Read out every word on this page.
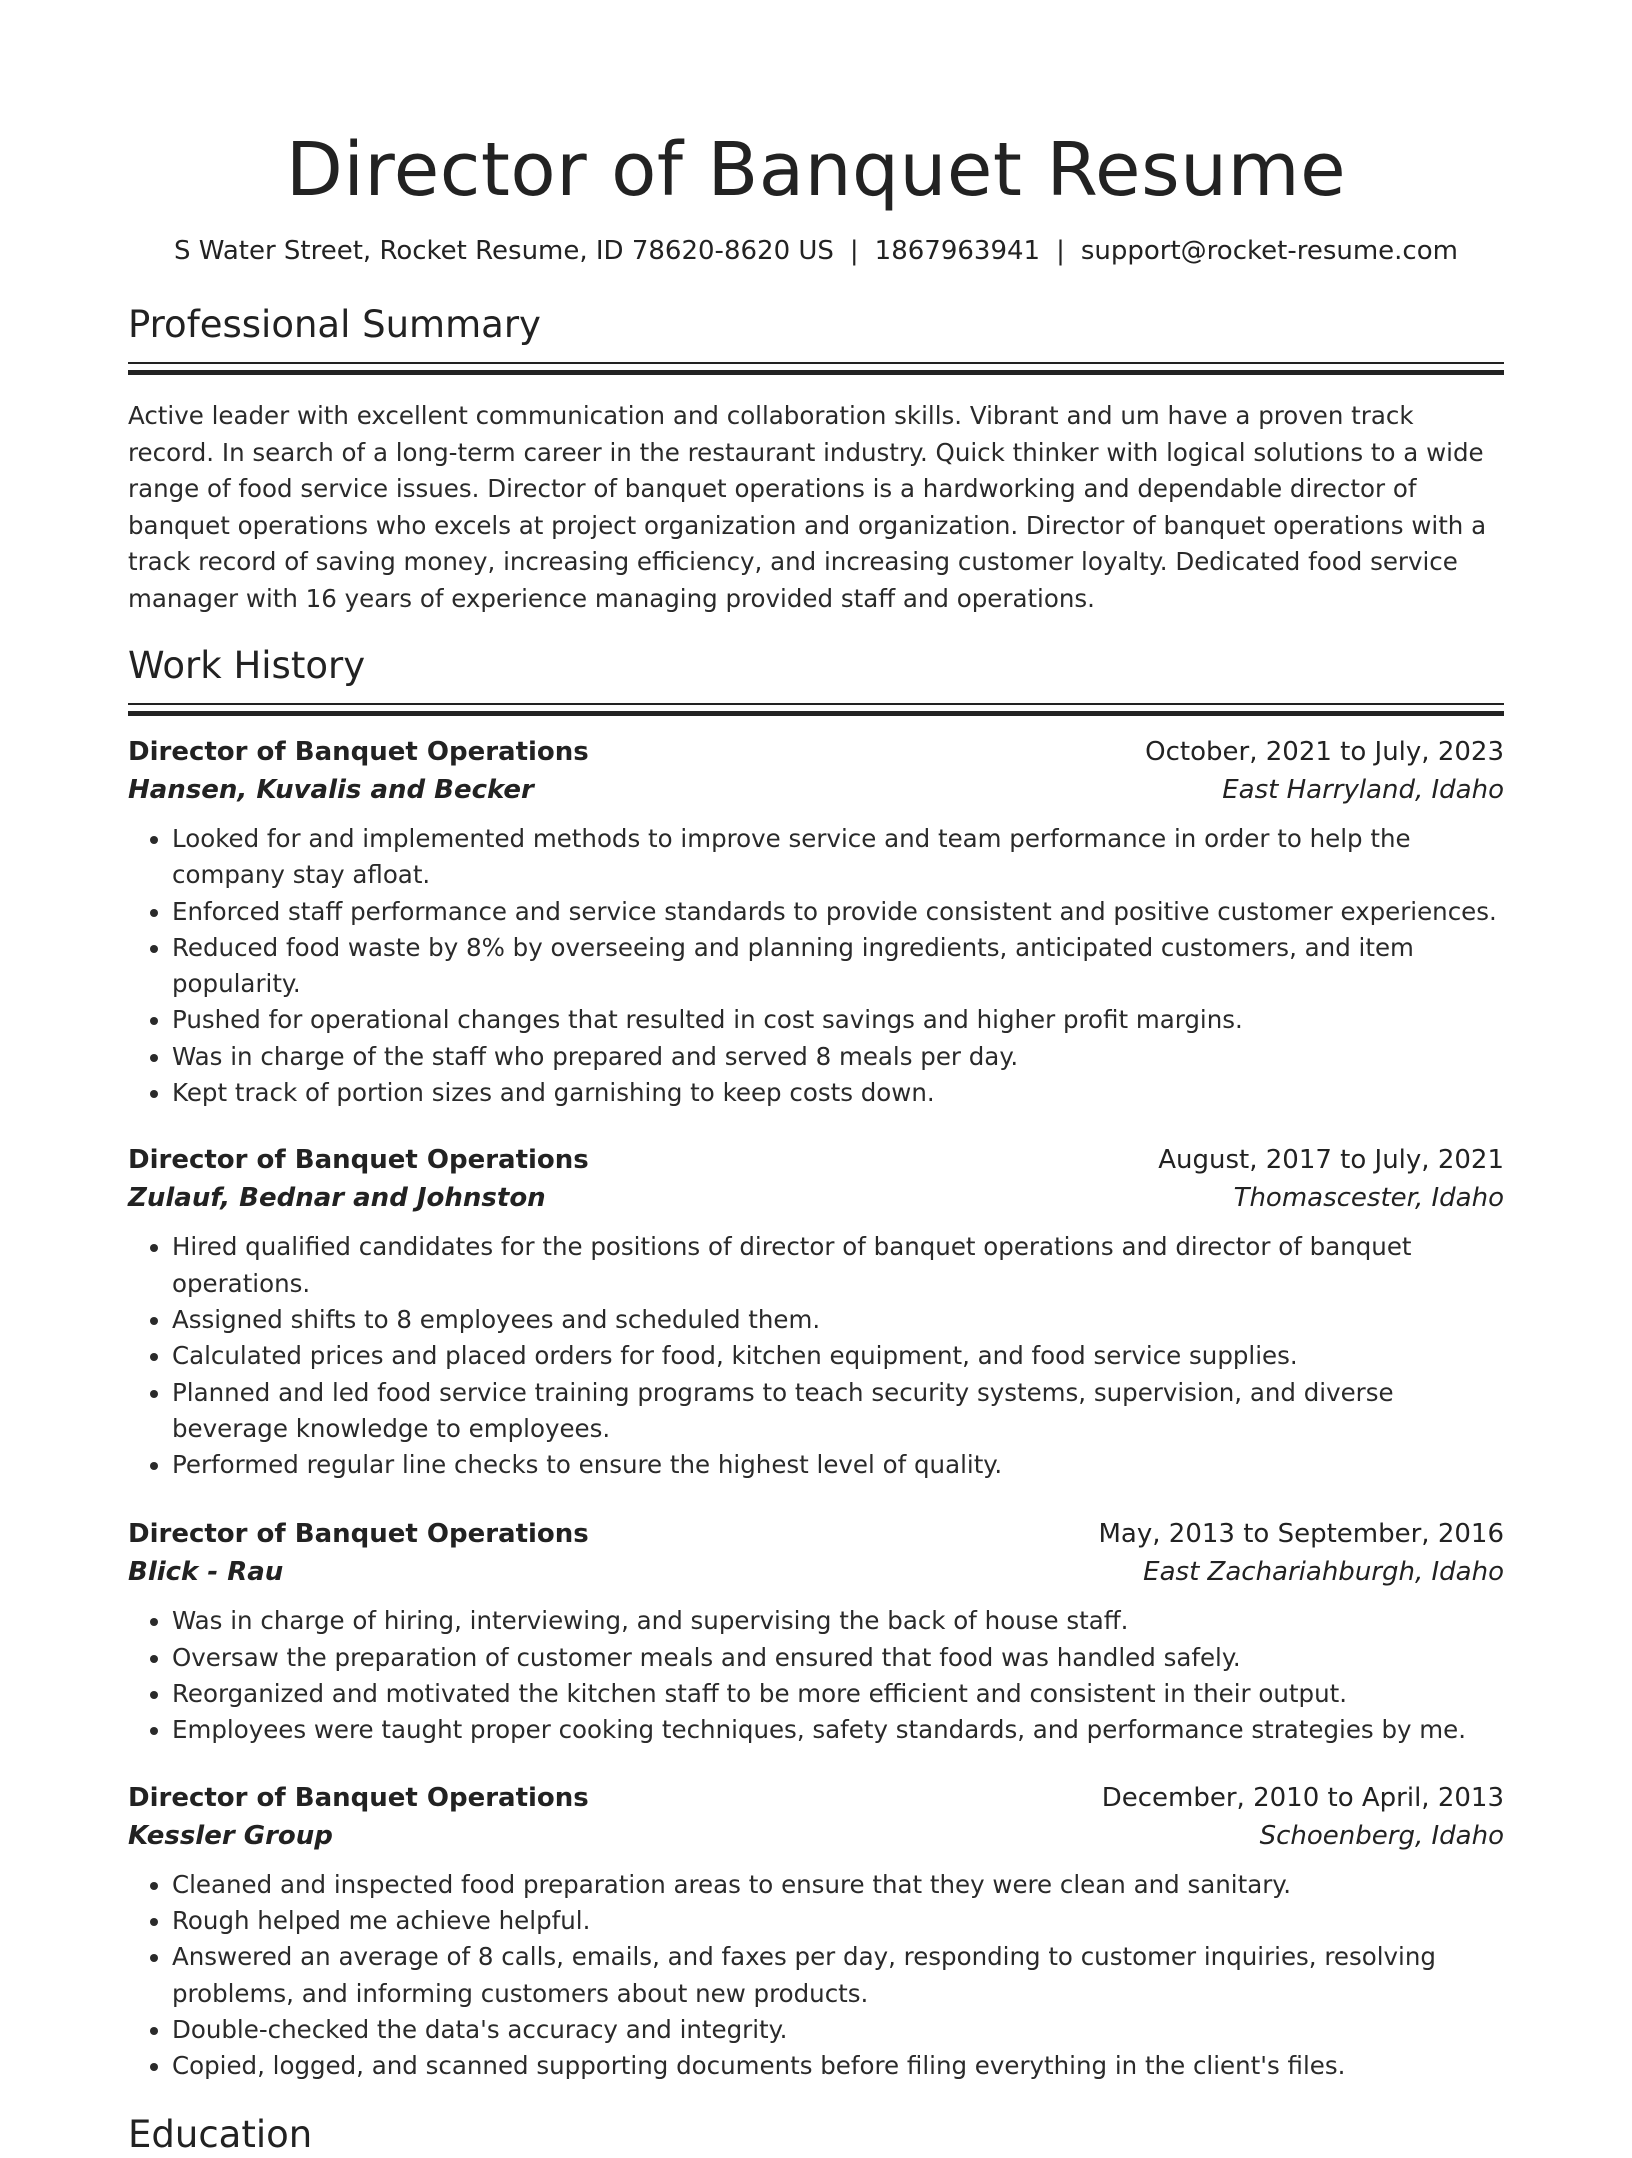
Director of Banquet Resume
S Water Street, Rocket Resume, ID 78620-8620 US | 1867963941 | support@rocket-resume.com
Professional Summary

Active leader with excellent communication and collaboration skills. Vibrant and um have a proven track record. In search of a long-term career in the restaurant industry. Quick thinker with logical solutions to a wide range of food service issues. Director of banquet operations is a hardworking and dependable director of banquet operations who excels at project organization and organization. Director of banquet operations with a track record of saving money, increasing efficiency, and increasing customer loyalty. Dedicated food service manager with 16 years of experience managing provided staff and operations.

Work History
Director of Banquet Operations	October, 2021 to July, 2023
Hansen, Kuvalis and Becker	East Harryland, Idaho
• Looked for and implemented methods to improve service and team performance in order to help the company stay afloat.
• Enforced staff performance and service standards to provide consistent and positive customer experiences.
• Reduced food waste by 8% by overseeing and planning ingredients, anticipated customers, and item popularity.
• Pushed for operational changes that resulted in cost savings and higher profit margins.
• Was in charge of the staff who prepared and served 8 meals per day.
• Kept track of portion sizes and garnishing to keep costs down.
Director of Banquet Operations	August, 2017 to July, 2021
Zulauf, Bednar and Johnston	Thomascester, Idaho
• Hired qualified candidates for the positions of director of banquet operations and director of banquet operations.
• Assigned shifts to 8 employees and scheduled them.
• Calculated prices and placed orders for food, kitchen equipment, and food service supplies.
• Planned and led food service training programs to teach security systems, supervision, and diverse beverage knowledge to employees.
• Performed regular line checks to ensure the highest level of quality.
Director of Banquet Operations	May, 2013 to September, 2016
Blick - Rau	East Zachariahburgh, Idaho
• Was in charge of hiring, interviewing, and supervising the back of house staff.
• Oversaw the preparation of customer meals and ensured that food was handled safely.
• Reorganized and motivated the kitchen staff to be more efficient and consistent in their output.
• Employees were taught proper cooking techniques, safety standards, and performance strategies by me.
Director of Banquet Operations	December, 2010 to April, 2013
Kessler Group	Schoenberg, Idaho
• Cleaned and inspected food preparation areas to ensure that they were clean and sanitary.
• Rough helped me achieve helpful.
• Answered an average of 8 calls, emails, and faxes per day, responding to customer inquiries, resolving problems, and informing customers about new products.
• Double-checked the data's accuracy and integrity.
• Copied, logged, and scanned supporting documents before filing everything in the client's files.
Education
